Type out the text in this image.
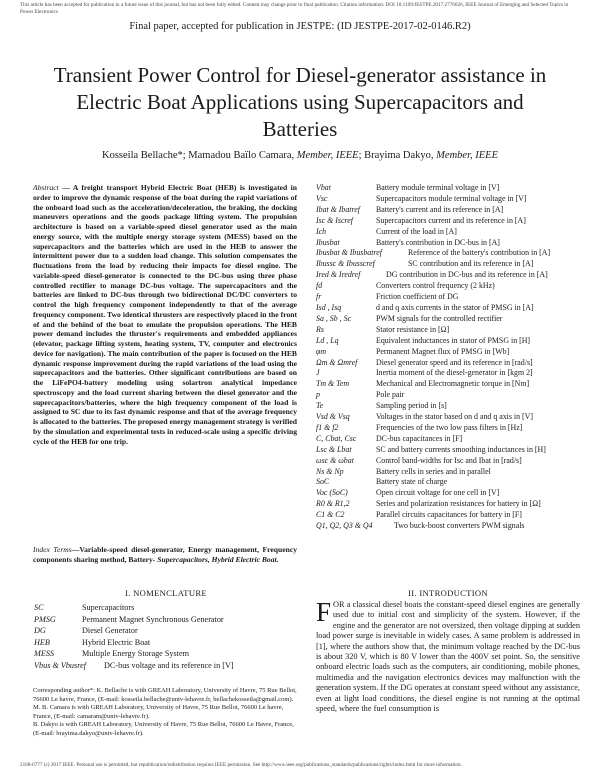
This article has been accepted for publication in a future issue of this journal, but has not been fully edited. Content may change prior to final publication. Citation information: DOI 10.1109/JESTPE.2017.2776626, IEEE Journal of Emerging and Selected Topics in Power Electronics
Final paper, accepted for publication in JESTPE: (ID JESTPE-2017-02-0146.R2)
Transient Power Control for Diesel-generator assistance in Electric Boat Applications using Supercapacitors and Batteries
Kosseila Bellache*; Mamadou Baïlo Camara, Member, IEEE; Brayima Dakyo, Member, IEEE
Abstract — A freight transport Hybrid Electric Boat (HEB) is investigated in order to improve the dynamic response of the boat during the rapid variations of the onboard load such as the acceleration/deceleration, the braking, the docking maneuvers operations and the goods package lifting system. The propulsion architecture is based on a variable-speed diesel generator used as the main energy source, with the multiple energy storage system (MESS) based on the supercapacitors and the batteries which are used in the HEB to answer the intermittent power due to a sudden load change. This solution compensates the fluctuations from the load by reducing their impacts for diesel engine. The variable-speed diesel-generator is connected to the DC-bus using three phase controlled rectifier to manage DC-bus voltage. The supercapacitors and the batteries are linked to DC-bus through two bidirectional DC/DC converters to control the high frequency component independently to that of the average frequency component. Two identical thrusters are respectively placed in the front of and the behind of the boat to emulate the propulsion operations. The HEB power demand includes the thruster's requirements and embedded appliances (elevator, package lifting system, heating system, TV, computer and electronics device for navigation). The main contribution of the paper is focused on the HEB dynamic response improvement during the rapid variations of the load using the supercapacitors and the batteries. Other significant contributions are based on the LiFePO4-battery modeling using solartron analytical impedance spectroscopy and the load current sharing between the diesel generator and the supercapacitors/batteries, where the high frequency component of the load is assigned to SC due to its fast dynamic response and that of the average frequency is allocated to the batteries. The proposed energy management strategy is verified by the simulation and experimental tests in reduced-scale using a specific driving cycle of the HEB for one trip.
Index Terms—Variable-speed diesel-generator, Energy management, Frequency components sharing method, Battery- Supercapacitors, Hybrid Electric Boat.
I. NOMENCLATURE
SC	Supercapacitors
PMSG	Permanent Magnet Synchronous Generator
DG	Diesel Generator
HEB	Hybrid Electric Boat
MESS	Multiple Energy Storage System
Vbus & Vbusref	DC-bus voltage and its reference in [V]

Corresponding author*: K. Bellache is with GREAH Laboratory, University of Havre, 75 Rue Bellot, 76600 Le havre, France, (E-mail: kosseila.bellache@univ-lehavre.fr, bellachekosseila@gmail.com).

M. B. Camara is with GREAH Laboratory, University of Havre, 75 Rue Bellot, 76600 Le havre, France, (E-mail: camaram@univ-lehavre.fr).

B. Dakyo is with GREAH Laboratory, University of Havre, 75 Rue Bellot, 76600 Le Havre, France, (E-mail: brayima.dakyo@univ-lehavre.fr).

Vbat	Battery module terminal voltage in [V]
Vsc	Supercapacitors module terminal voltage in [V]
Ibat & Ibatref	Battery's current and its reference in [A]
Isc & Iscref	Supercapacitors current and its reference in [A]
Ich	Current of the load in [A]
Ibusbat	Battery's contribution in DC-bus in [A]
Ibusbat & Ibusbatref	Reference of the battery's contribution in [A]
Ibussc & Ibusscref	SC contribution and its reference in [A]
Ired & Iredref	DG contribution in DC-bus and its reference in [A]
fd	Converters control frequency (2 kHz)
fr	Friction coefficient of DG
Isd , Isq	d and q axis currents in the stator of PMSG in [A]
Sa , Sb , Sc	PWM signals for the controlled rectifier
Rs	Stator resistance in [Ω]
Ld , Lq	Equivalent inductances in stator of PMSG in [H]
φm	Permanent Magnet flux of PMSG in [Wb]
Ωm & Ωmref	Diesel generator speed and its reference in [rad/s]
J	Inertia moment of the diesel-generator in [kgm 2]
Tm & Tem	Mechanical and Electromagnetic torque in [Nm]
p	Pole pair
Te	Sampling period in [s]
Vsd & Vsq	Voltages in the stator based on d and q axis in [V]
f1 & f2	Frequencies of the two low pass filters in [Hz]
C, Cbat, Csc	DC-bus capacitances in [F]
Lsc & Lbat	SC and battery currents smoothing inductances in [H]
ωsc & ωbat	Control band-widths for Isc and Ibat in [rad/s]
Ns & Np	Battery cells in series and in parallel
SoC	Battery state of charge
Voc (SoC)	Open circuit voltage for one cell in [V]
R0 & R1,2	Series and polarization resistances for battery in [Ω]
C1 & C2	Parallel circuits capacitances for battery in [F]
Q1, Q2, Q3 & Q4	Two buck-boost converters PWM signals
II. INTRODUCTION
FOR a classical diesel boats the constant-speed diesel engines are generally used due to initial cost and simplicity of the system. However, if the engine and the generator are not oversized, then voltage dipping at sudden load power surge is inevitable in widely cases. A same problem is addressed in [1], where the authors show that, the minimum voltage reached by the DC-bus is about 320 V, which is 80 V lower than the 400V set point. So, the sensitive onboard electric loads such as the computers, air conditioning, mobile phones, multimedia and the navigation electronics devices may malfunction with the generation system. If the DG operates at constant speed without any assistance, even at light load conditions, the diesel engine is not running at the optimal speed, where the fuel consumption is
2168-6777 (c) 2017 IEEE. Personal use is permitted, but republication/redistribution requires IEEE permission. See http://www.ieee.org/publications_standards/publications/rights/index.html for more information.
